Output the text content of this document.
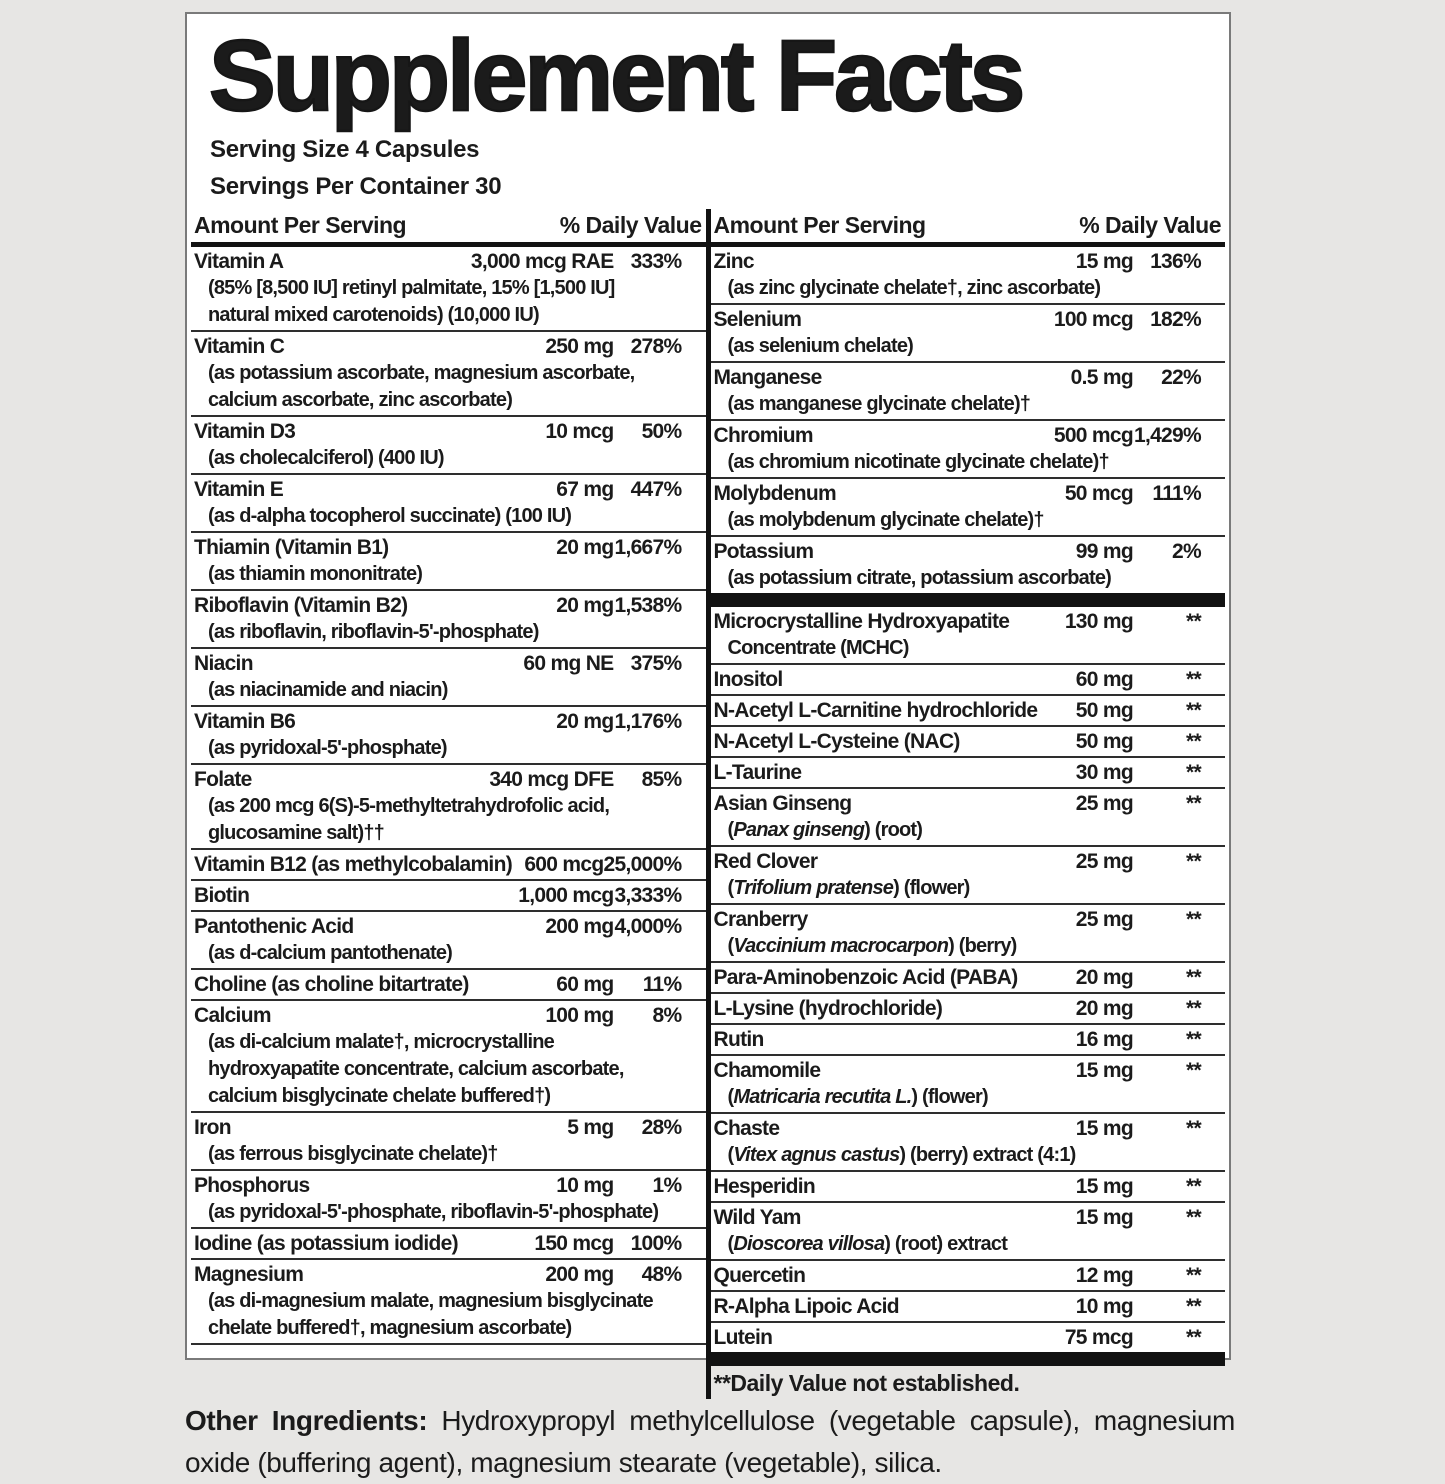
Supplement Facts
Serving Size 4 Capsules
Servings Per Container 30
Amount Per Serving	% Daily Value
Vitamin A	3,000 mcg RAE 333%
(85% [8,500 IU] retinyl palmitate, 15% [1,500 IU]
natural mixed carotenoids) (10,000 IU)
Vitamin C	250 mg 278%
(as potassium ascorbate, magnesium ascorbate,
calcium ascorbate, zinc ascorbate)
Vitamin D3	10 mcg	50%
(as cholecalciferol) (400 IU)
Vitamin E	67 mg 447%
(as d-alpha tocopherol succinate) (100 IU)
Thiamin (Vitamin B1)	20 mg 1,667%
(as thiamin mononitrate)
Riboflavin (Vitamin B2)	20 mg 1,538%
(as riboflavin, riboflavin-5'-phosphate)
Niacin	60 mg NE 375%
(as niacinamide and niacin)
Vitamin B6	20 mg 1,176%
(as pyridoxal-5'-phosphate)
Folate	340 mcg DFE	85%
(as 200 mcg 6(S)-5-methyltetrahydrofolic acid,
glucosamine salt)††
Vitamin B12 (as methylcobalamin) 600 mcg 25,000%
Biotin	1,000 mcg 3,333%
Pantothenic Acid	200 mg 4,000%
(as d-calcium pantothenate)
Choline (as choline bitartrate)	60 mg	11%
Calcium	100 mg	8%
(as di-calcium malate†, microcrystalline
hydroxyapatite concentrate, calcium ascorbate,
calcium bisglycinate chelate buffered†)
Iron	5 mg	28%
(as ferrous bisglycinate chelate)†
Phosphorus	10 mg	1%
(as pyridoxal-5'-phosphate, riboflavin-5'-phosphate)
Iodine (as potassium iodide)	150 mcg 100%
Magnesium	200 mg	48%
(as di-magnesium malate, magnesium bisglycinate
chelate buffered†, magnesium ascorbate)
Amount Per Serving	% Daily Value
Zinc	15 mg 136%
(as zinc glycinate chelate†, zinc ascorbate)
Selenium	100 mcg 182%
(as selenium chelate)
Manganese	0.5 mg	22%
(as manganese glycinate chelate)†
Chromium	500 mcg 1,429%
(as chromium nicotinate glycinate chelate)†
Molybdenum	50 mcg 111%
(as molybdenum glycinate chelate)†
Potassium	99 mg	2%
(as potassium citrate, potassium ascorbate)
Microcrystalline Hydroxyapatite	130 mg	**
Concentrate (MCHC)
Inositol	60 mg	**
N-Acetyl L-Carnitine hydrochloride 50 mg	**
N-Acetyl L-Cysteine (NAC)	50 mg	**
L-Taurine	30 mg	**
Asian Ginseng	25 mg	**
(Panax ginseng) (root)
Red Clover	25 mg	**
(Trifolium pratense) (flower)
Cranberry	25 mg	**
(Vaccinium macrocarpon) (berry)
Para-Aminobenzoic Acid (PABA)	20 mg	**
L-Lysine (hydrochloride)	20 mg	**
Rutin	16 mg	**
Chamomile	15 mg	**
(Matricaria recutita L.) (flower)
Chaste	15 mg	**
(Vitex agnus castus) (berry) extract (4:1)
Hesperidin	15 mg	**
Wild Yam	15 mg	**
(Dioscorea villosa) (root) extract
Quercetin	12 mg	**
R-Alpha Lipoic Acid	10 mg	**
Lutein	75 mcg	**
**Daily Value not established.

Other Ingredients: Hydroxypropyl methylcellulose (vegetable capsule), magnesium oxide (buffering agent), magnesium stearate (vegetable), silica.
